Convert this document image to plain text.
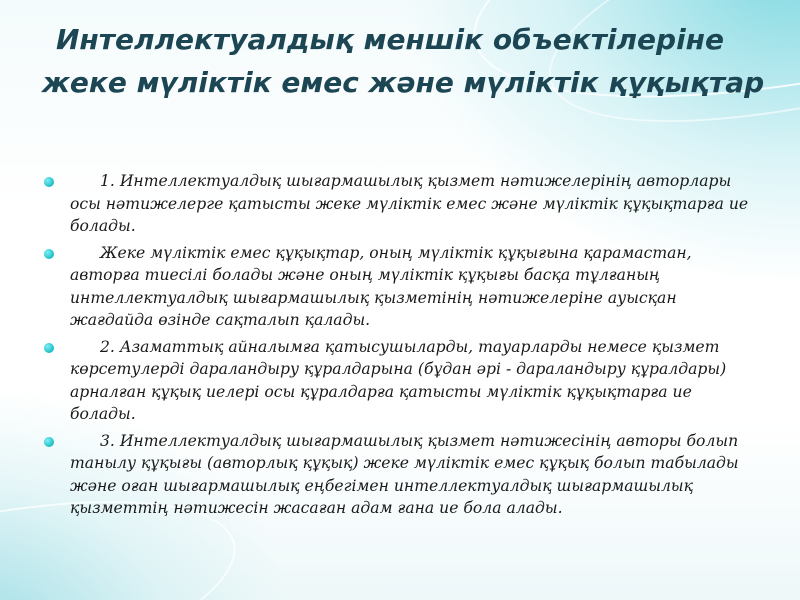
Интеллектуалдық меншік объектілеріне жеке мүліктік емес және мүліктік құқықтар
1. Интеллектуалдық шығармашылық қызмет нәтижелерінің авторлары осы нәтижелерге қатысты жеке мүліктік емес және мүліктік құқықтарға ие болады.
Жеке мүліктік емес құқықтар, оның мүліктік құқығына қарамастан, авторға тиесілі болады және оның мүліктік құқығы басқа тұлғаның интеллектуалдық шығармашылық қызметінің нәтижелеріне ауысқан жағдайда өзінде сақталып қалады.
2. Азаматтық айналымға қатысушыларды, тауарларды немесе қызмет көрсетулерді дараландыру құралдарына (бұдан әрі - дараландыру құралдары) арналған құқық иелері осы құралдарға қатысты мүліктік құқықтарға ие болады.
3. Интеллектуалдық шығармашылық қызмет нәтижесінің авторы болып танылу құқығы (авторлық құқық) жеке мүліктік емес құқық болып табылады және оған шығармашылық еңбегімен интеллектуалдық шығармашылық қызметтің нәтижесін жасаған адам ғана ие бола алады.
